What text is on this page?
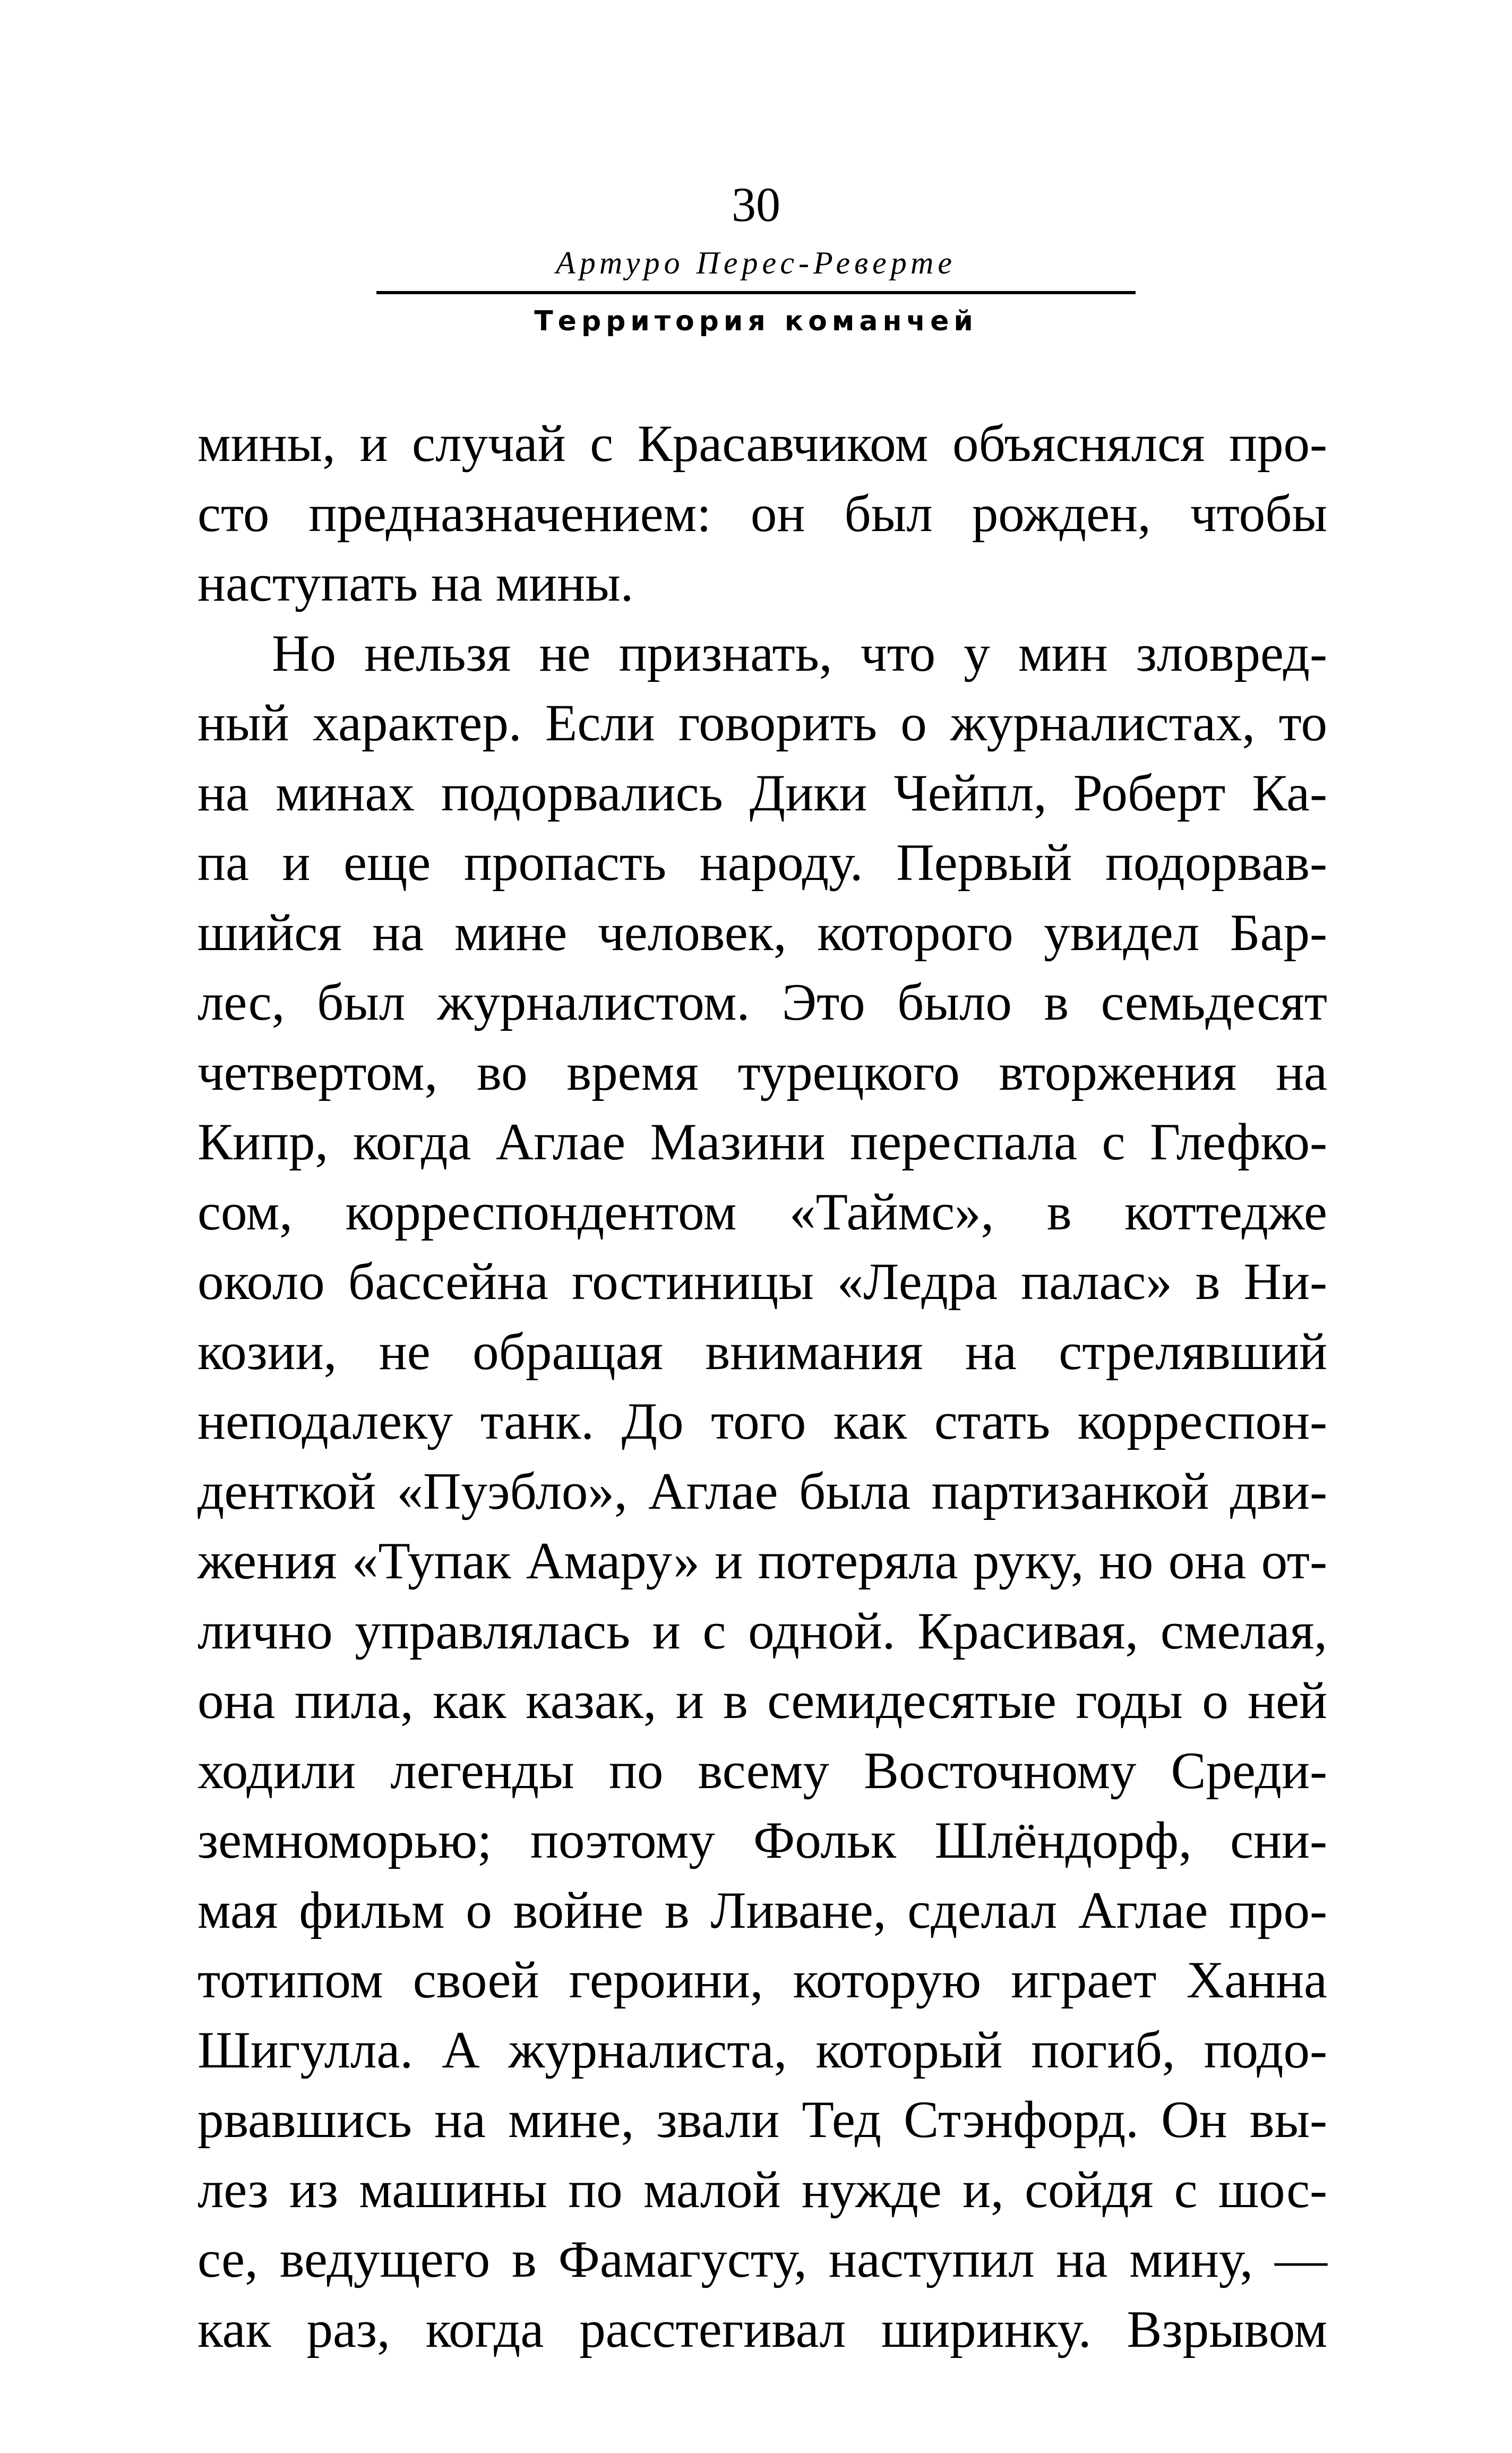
30
Артуро Перес-Реверте
Территория команчей

мины, и случай с Красавчиком объяснялся про-
сто предназначением: он был рожден, чтобы
наступать на мины.

Но нельзя не признать, что у мин зловред-
ный характер. Если говорить о журналистах, то
на минах подорвались Дики Чейпл, Роберт Ка-
па и еще пропасть народу. Первый подорвав-
шийся на мине человек, которого увидел Бар-
лес, был журналистом. Это было в семьдесят
четвертом, во время турецкого вторжения на
Кипр, когда Аглае Мазини переспала с Глефко-
сом, корреспондентом «Таймс», в коттедже
около бассейна гостиницы «Ледра палас» в Ни-
козии, не обращая внимания на стрелявший
неподалеку танк. До того как стать корреспон-
денткой «Пуэбло», Аглае была партизанкой дви-
жения «Тупак Амару» и потеряла руку, но она от-
лично управлялась и с одной. Красивая, смелая,
она пила, как казак, и в семидесятые годы о ней
ходили легенды по всему Восточному Среди-
земноморью; поэтому Фольк Шлёндорф, сни-
мая фильм о войне в Ливане, сделал Аглае про-
тотипом своей героини, которую играет Ханна
Шигулла. А журналиста, который погиб, подо-
рвавшись на мине, звали Тед Стэнфорд. Он вы-
лез из машины по малой нужде и, сойдя с шос-
се, ведущего в Фамагусту, наступил на мину, —
как раз, когда расстегивал ширинку. Взрывом
